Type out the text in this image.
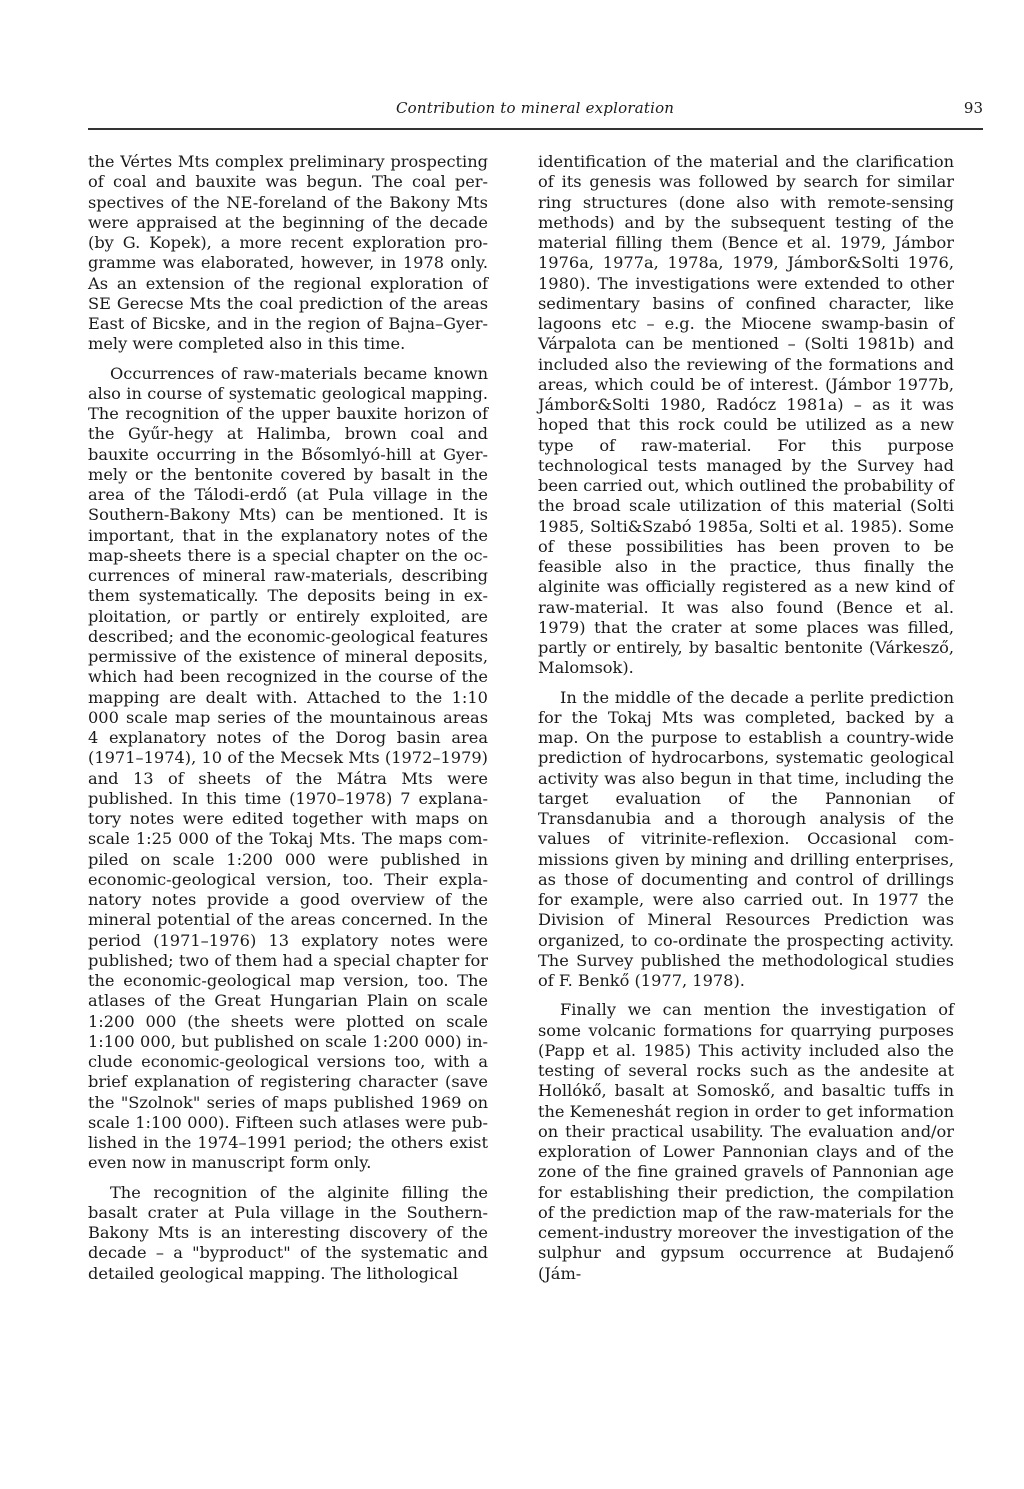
Contribution to mineral exploration	93

the Vértes Mts complex preliminary prospecting of coal and bauxite was begun. The coal perspectives of the NE-foreland of the Bakony Mts were appraised at the beginning of the decade (by G. Kopek), a more recent exploration programme was elaborated, however, in 1978 only. As an extension of the regional exploration of SE Gerecse Mts the coal prediction of the areas East of Bicske, and in the region of Bajna–Gyermely were completed also in this time.

Occurrences of raw-materials became known also in course of systematic geological mapping. The recognition of the upper bauxite horizon of the Gyűr-hegy at Halimba, brown coal and bauxite occurring in the Bősomlyó-hill at Gyermely or the bentonite covered by basalt in the area of the Tálodi-erdő (at Pula village in the Southern-Bakony Mts) can be mentioned. It is important, that in the explanatory notes of the map-sheets there is a special chapter on the occurrences of mineral raw-materials, describing them systematically. The deposits being in exploitation, or partly or entirely exploited, are described; and the economic-geological features permissive of the existence of mineral deposits, which had been recognized in the course of the mapping are dealt with. Attached to the 1:10 000 scale map series of the mountainous areas 4 explanatory notes of the Dorog basin area (1971–1974), 10 of the Mecsek Mts (1972–1979) and 13 of sheets of the Mátra Mts were published. In this time (1970–1978) 7 explanatory notes were edited together with maps on scale 1:25 000 of the Tokaj Mts. The maps compiled on scale 1:200 000 were published in economic-geological version, too. Their explanatory notes provide a good overview of the mineral potential of the areas concerned. In the period (1971–1976) 13 explatory notes were published; two of them had a special chapter for the economic-geological map version, too. The atlases of the Great Hungarian Plain on scale 1:200 000 (the sheets were plotted on scale 1:100 000, but published on scale 1:200 000) include economic-geological versions too, with a brief explanation of registering character (save the "Szolnok" series of maps published 1969 on scale 1:100 000). Fifteen such atlases were published in the 1974–1991 period; the others exist even now in manuscript form only.

The recognition of the alginite filling the basalt crater at Pula village in the Southern-Bakony Mts is an interesting discovery of the decade – a "byproduct" of the systematic and detailed geological mapping. The lithological

identification of the material and the clarification of its genesis was followed by search for similar ring structures (done also with remote-sensing methods) and by the subsequent testing of the material filling them (Bence et al. 1979, Jámbor 1976a, 1977a, 1978a, 1979, Jámbor&Solti 1976, 1980). The investigations were extended to other sedimentary basins of confined character, like lagoons etc – e.g. the Miocene swamp-basin of Várpalota can be mentioned – (Solti 1981b) and included also the reviewing of the formations and areas, which could be of interest. (Jámbor 1977b, Jámbor&Solti 1980, Radócz 1981a) – as it was hoped that this rock could be utilized as a new type of raw-material. For this purpose technological tests managed by the Survey had been carried out, which outlined the probability of the broad scale utilization of this material (Solti 1985, Solti&Szabó 1985a, Solti et al. 1985). Some of these possibilities has been proven to be feasible also in the practice, thus finally the alginite was officially registered as a new kind of raw-material. It was also found (Bence et al. 1979) that the crater at some places was filled, partly or entirely, by basaltic bentonite (Várkesző, Malomsok).

In the middle of the decade a perlite prediction for the Tokaj Mts was completed, backed by a map. On the purpose to establish a country-wide prediction of hydrocarbons, systematic geological activity was also begun in that time, including the target evaluation of the Pannonian of Transdanubia and a thorough analysis of the values of vitrinite-reflexion. Occasional commissions given by mining and drilling enterprises, as those of documenting and control of drillings for example, were also carried out. In 1977 the Division of Mineral Resources Prediction was organized, to co-ordinate the prospecting activity. The Survey published the methodological studies of F. Benkő (1977, 1978).

Finally we can mention the investigation of some volcanic formations for quarrying purposes (Papp et al. 1985) This activity included also the testing of several rocks such as the andesite at Hollókő, basalt at Somoskő, and basaltic tuffs in the Kemeneshát region in order to get information on their practical usability. The evaluation and/or exploration of Lower Pannonian clays and of the zone of the fine grained gravels of Pannonian age for establishing their prediction, the compilation of the prediction map of the raw-materials for the cement-industry moreover the investigation of the sulphur and gypsum occurrence at Budajenő (Jám-
